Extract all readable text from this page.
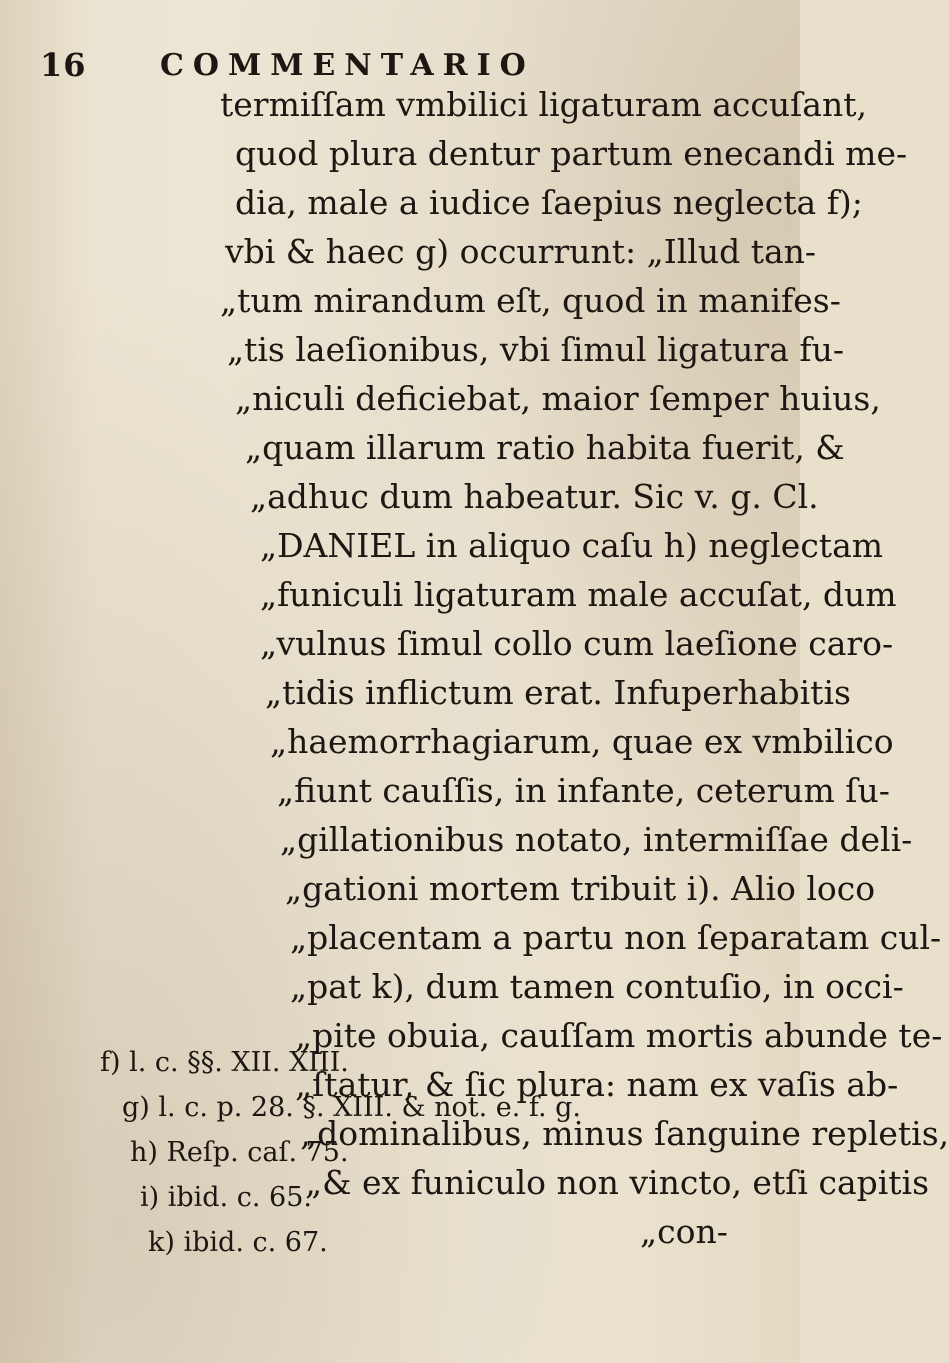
16 COMMENTARIO
termiſſam vmbilici ligaturam accuſant,
quod plura dentur partum enecandi me-
dia, male a iudice ſaepius neglecta f);
vbi & haec g) occurrunt: „Illud tan-
„tum mirandum eſt, quod in manifes-
„tis laeſionibus, vbi ſimul ligatura fu-
„niculi deficiebat, maior ſemper huius,
„quam illarum ratio habita fuerit, &
„adhuc dum habeatur. Sic v. g. Cl.
„DANIEL in aliquo caſu h) neglectam
„funiculi ligaturam male accuſat, dum
„vulnus ſimul collo cum laeſione caro-
„tidis inflictum erat. Infuperhabitis
„haemorrhagiarum, quae ex vmbilico
„fiunt cauſſis, in infante, ceterum ſu-
„gillationibus notato, intermiſſae deli-
„gationi mortem tribuit i). Alio loco
„placentam a partu non ſeparatam cul-
„pat k), dum tamen contuſio, in occi-
„pite obuia, cauſſam mortis abunde te-
„ſtatur, & ſic plura: nam ex vaſis ab-
„dominalibus, minus ſanguine repletis,
„& ex funiculo non vincto, etſi capitis
„con-
f) l. c. §§. XII. XIII.
g) l. c. p. 28. §. XIII. & not. e. f. g.
h) Reſp. caſ. 75.
i) ibid. c. 65.
k) ibid. c. 67.
